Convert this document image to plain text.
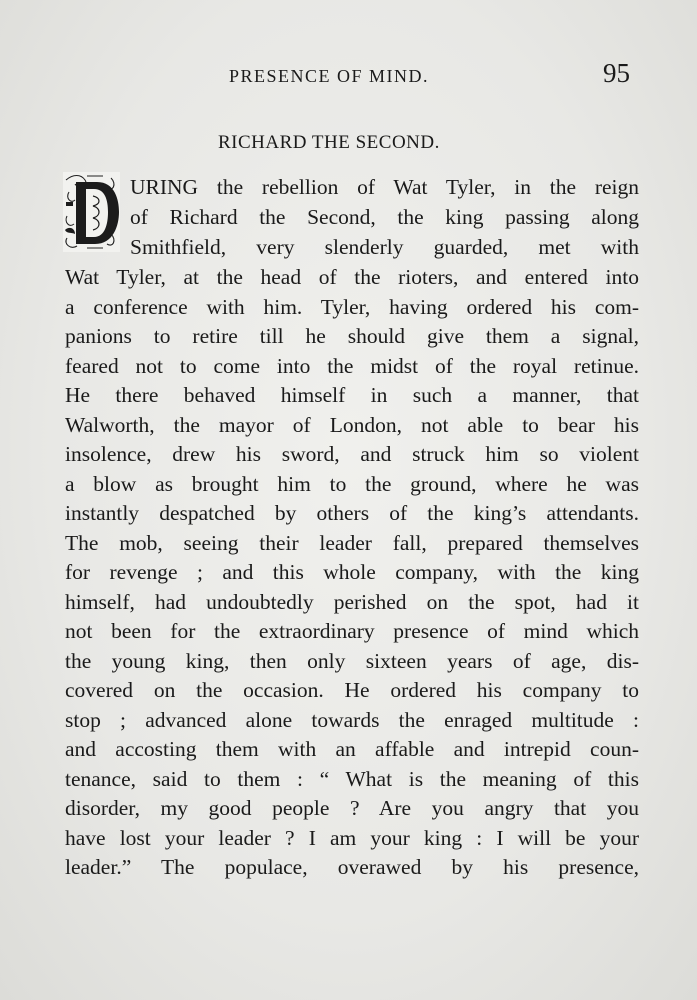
PRESENCE OF MIND.	95
RICHARD THE SECOND.
URING the rebellion of Wat Tyler, in the reign
of Richard the Second, the king passing along
Smithfield, very slenderly guarded, met with
Wat Tyler, at the head of the rioters, and entered into
a conference with him. Tyler, having ordered his com-
panions to retire till he should give them a signal,
feared not to come into the midst of the royal retinue.
He there behaved himself in such a manner, that
Walworth, the mayor of London, not able to bear his
insolence, drew his sword, and struck him so violent
a blow as brought him to the ground, where he was
instantly despatched by others of the king’s attendants.
The mob, seeing their leader fall, prepared themselves
for revenge ; and this whole company, with the king
himself, had undoubtedly perished on the spot, had it
not been for the extraordinary presence of mind which
the young king, then only sixteen years of age, dis-
covered on the occasion. He ordered his company to
stop ; advanced alone towards the enraged multitude :
and accosting them with an affable and intrepid coun-
tenance, said to them : “ What is the meaning of this
disorder, my good people ? Are you angry that you
have lost your leader ? I am your king : I will be your
leader.” The populace, overawed by his presence,
